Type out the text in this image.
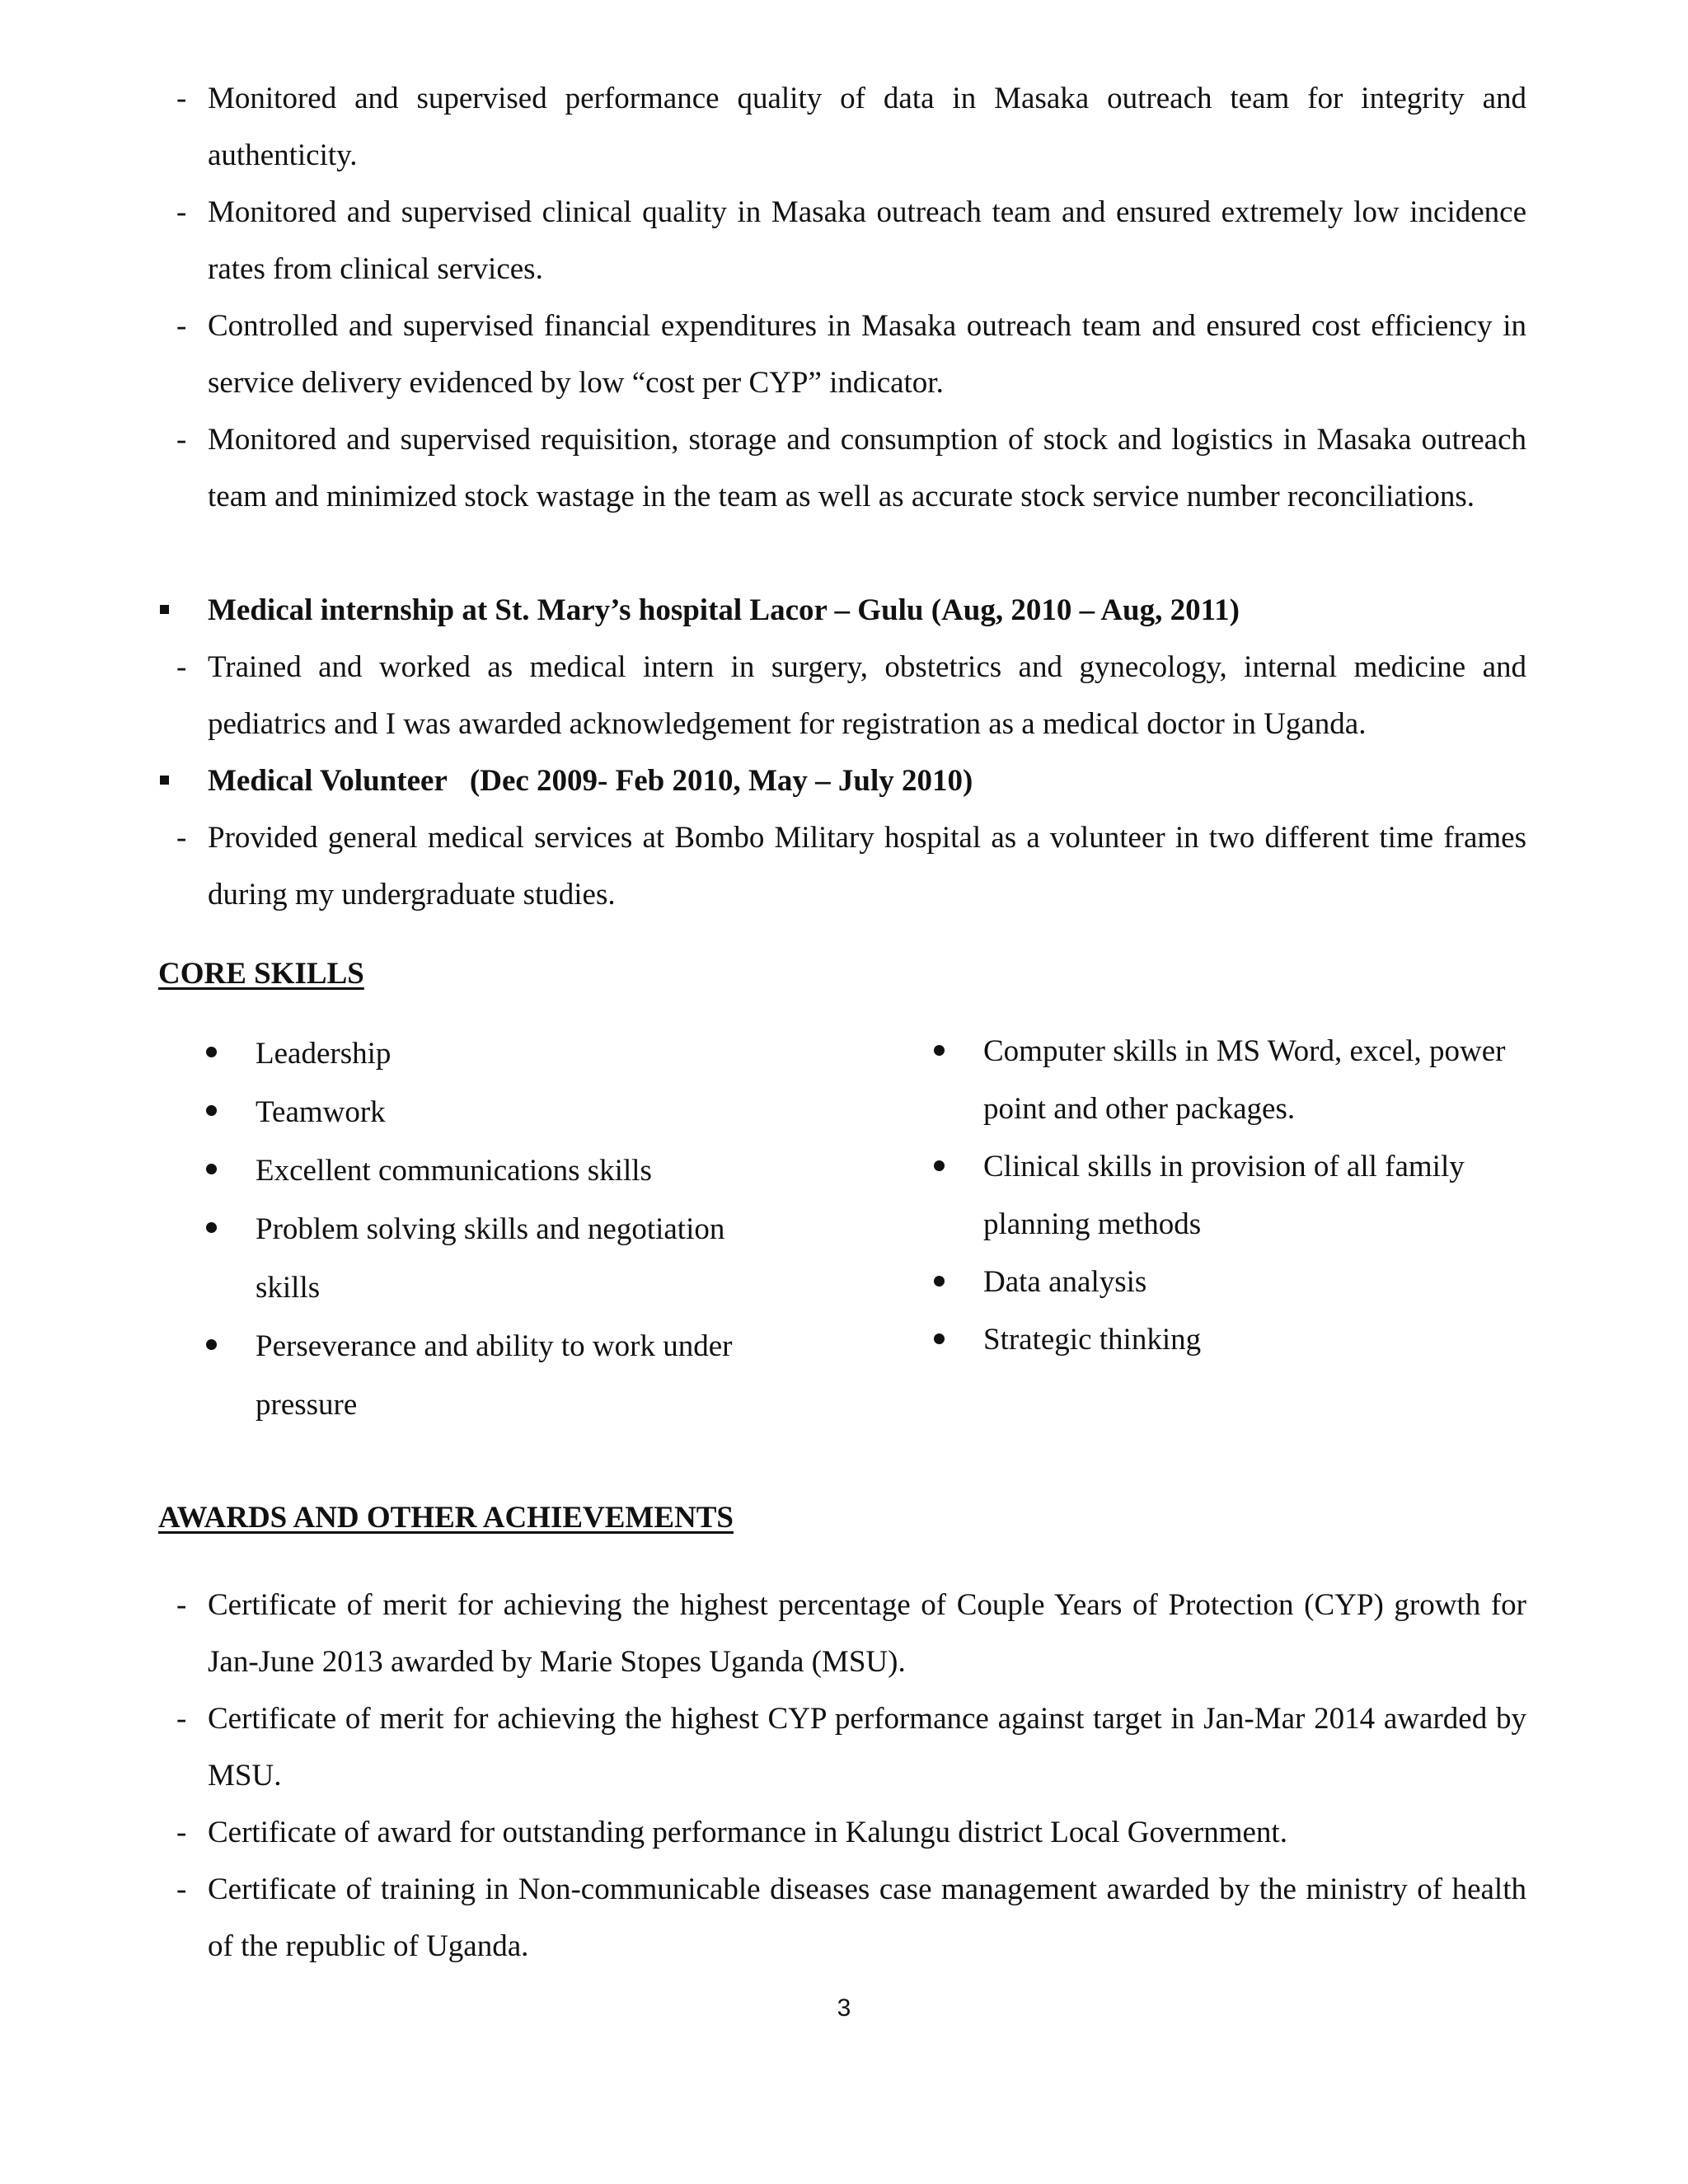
- Monitored and supervised performance quality of data in Masaka outreach team for integrity and authenticity.
- Monitored and supervised clinical quality in Masaka outreach team and ensured extremely low incidence rates from clinical services.
- Controlled and supervised financial expenditures in Masaka outreach team and ensured cost efficiency in service delivery evidenced by low “cost per CYP” indicator.
- Monitored and supervised requisition, storage and consumption of stock and logistics in Masaka outreach team and minimized stock wastage in the team as well as accurate stock service number reconciliations.
Medical internship at St. Mary’s hospital Lacor – Gulu (Aug, 2010 – Aug, 2011)
- Trained and worked as medical intern in surgery, obstetrics and gynecology, internal medicine and pediatrics and I was awarded acknowledgement for registration as a medical doctor in Uganda.
Medical Volunteer   (Dec 2009- Feb 2010, May – July 2010)
- Provided general medical services at Bombo Military hospital as a volunteer in two different time frames during my undergraduate studies.
CORE SKILLS
Leadership
Teamwork
Excellent communications skills
Problem solving skills and negotiation skills
Perseverance and ability to work under pressure
Computer skills in MS Word, excel, power point and other packages.
Clinical skills in provision of all family planning methods
Data analysis
Strategic thinking
AWARDS AND OTHER ACHIEVEMENTS
- Certificate of merit for achieving the highest percentage of Couple Years of Protection (CYP) growth for Jan-June 2013 awarded by Marie Stopes Uganda (MSU).
- Certificate of merit for achieving the highest CYP performance against target in Jan-Mar 2014 awarded by MSU.
- Certificate of award for outstanding performance in Kalungu district Local Government.
- Certificate of training in Non-communicable diseases case management awarded by the ministry of health of the republic of Uganda.
3
